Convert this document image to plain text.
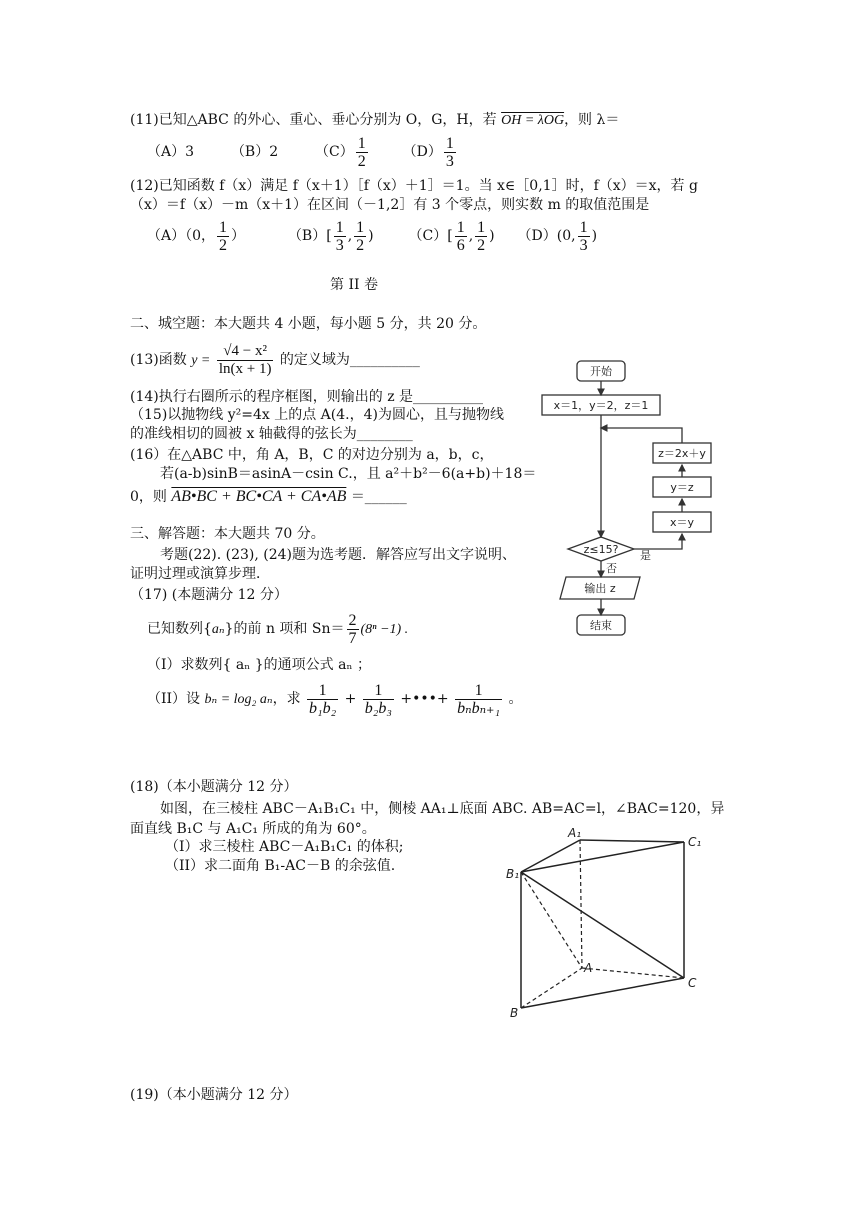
(11)已知△ABC 的外心、重心、垂心分别为 O，G，H，若 OH = λOG，则 λ＝
（A）3	（B）2	$(C) \frac{1}{2} (D) \frac{1}{3}$
(12)已知函数 f（x）满足 f（x＋1）［f（x）＋1］＝1。当 x∈［0,1］时，f（x）＝x，若 g
（x）＝f（x）－m（x＋1）在区间（－1,2］有 3 个零点，则实数 m 的取值范围是
（A）（0， $\frac{1}{2}$ ）	$(B)[ \frac{1}{3}$ , $\frac{1}{2}$ ) $(C)[ \frac{1}{6}$ , $\frac{1}{2}$ ) （D）(0, $\frac{1}{3}$ )
第 II 卷
二、城空题：本大题共 4 小题，每小题 5 分，共 20 分。
(13)函数 $y = \frac{\text{√4 − x²}}{\ln(x + 1)}$ 的定义域为__________
(14)执行右圈所示的程序框图，则输出的 z 是__________
（15)以抛物线 y²=4x 上的点 A(4.，4)为圆心，且与抛物线
的准线相切的圆被 x 轴截得的弦长为________
(16）在△ABC 中，角 A，B，C 的对边分别为 a，b，c，
若(a-b)sinB＝asinA－csin C.，且 a²＋b²－6(a+b)＋18＝
0，则 AB•BC + BC•CA + CA•AB ＝______
三、解答题：本大题共 70 分。
考题(22). (23), (24)题为选考题．解答应写出文字说明、
证明过理或演算步理．
（17) (本题满分 12 分）
已知数列{aₙ}的前 n 项和 $Sn= \frac{2}{7} (8^n -1)$ .
（I）求数列{ aₙ }的通项公式 aₙ ；
（II）设 bₙ = log₂ aₙ，求 $\frac{1}{\text{b₁b₂}} + \frac{1}{\text{b₂b₃}}$ +•••+ $\frac{1}{\text{bₙbₙ₊₁}}$ 。
(18)（本小题满分 12 分）
如图，在三棱柱 ABC－A₁B₁C₁ 中，侧棱 AA₁⊥底面 ABC. AB=AC=l，∠BAC=120，异
面直线 B₁C 与 A₁C₁ 所成的角为 60°。
（I）求三棱柱 ABC－A₁B₁C₁ 的体积;
（II）求二面角 B₁-AC－B 的余弦值.
(19)（本小题满分 12 分）
开始
x＝1，y＝2，z＝1
z＝2x＋y
y＝z
x＝y
z≤15? 是
否
输出 z
结束
A₁
C₁
B₁
A
C
B
